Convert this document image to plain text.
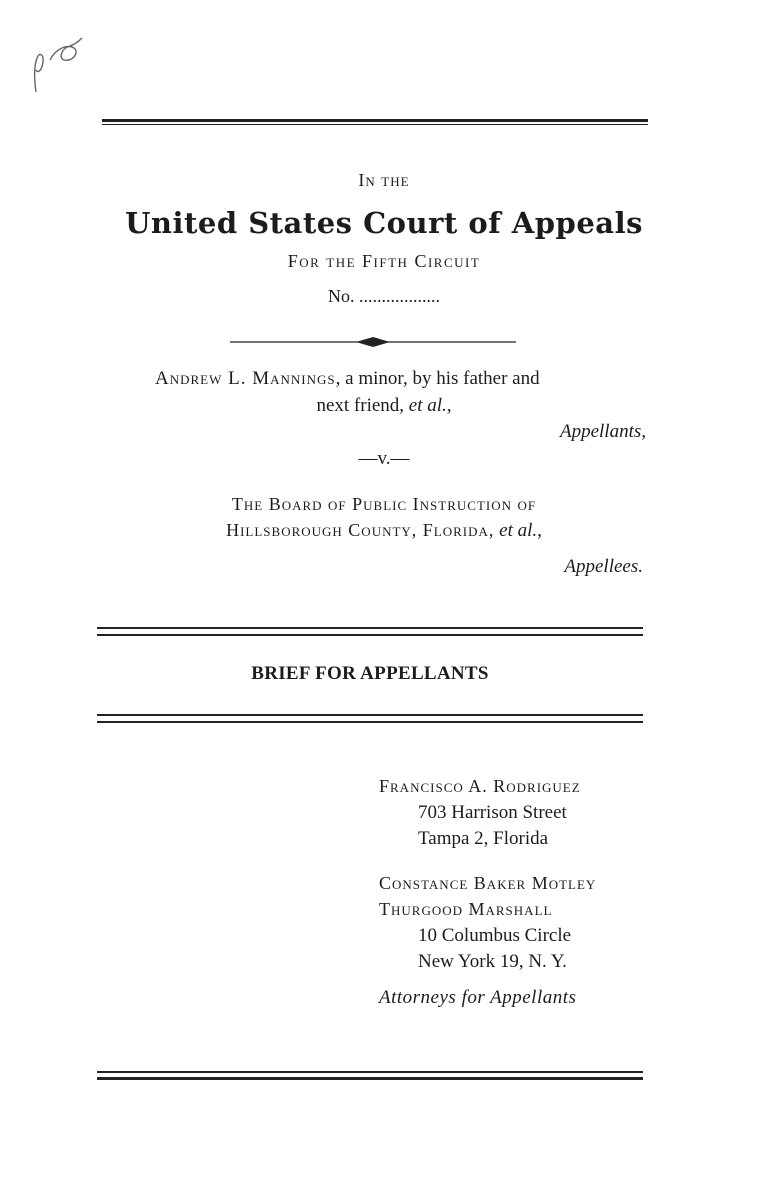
In the
United States Court of Appeals
For the Fifth Circuit
No. ..................
Andrew L. Mannings, a minor, by his father and
next friend, et al.,
Appellants,
—v.—
The Board of Public Instruction of
Hillsborough County, Florida, et al.,
Appellees.
BRIEF FOR APPELLANTS
Francisco A. Rodriguez
703 Harrison Street
Tampa 2, Florida
Constance Baker Motley
Thurgood Marshall
10 Columbus Circle
New York 19, N. Y.
Attorneys for Appellants
